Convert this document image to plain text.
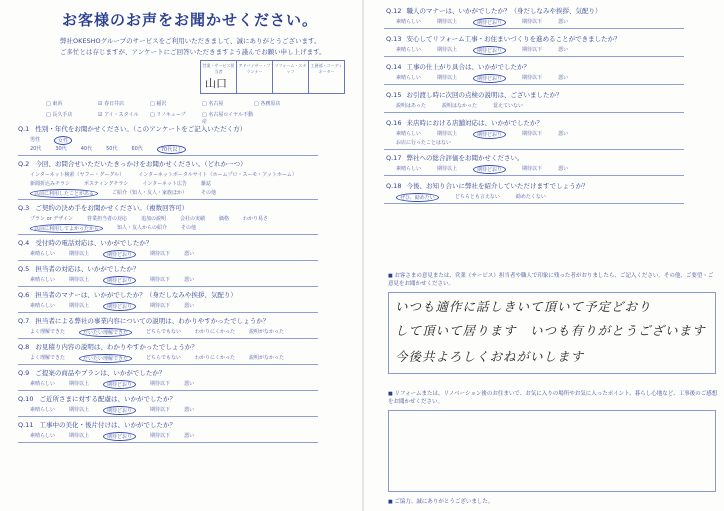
お客様のお声をお聞かせください。
弊社OKESHOグループのサービスをご利用いただきまして、誠にありがとうございます。
ご多忙とは存じますが、アンケートにご回答いただきますよう謹んでお願い申し上げます。
営業・サービス担当者
アドバイザー・プランナー
リフォーム・スタッフ
工務部・コーディネーター
山口
□ 東浜	☑ 春日井店	□ 稲沢	□ 名古屋	□ 各務原店
□ 長久手店	☑ アイ・スタイル	□ リノキューブ	□ 名古屋ロイヤル不動産
Q.1 性別・年代をお聞かせください。（このアンケートをご記入いただく方）
男性	女性
20代	30代	40代	50代	60代	70代以上
Q.2 今回、お問合せいただいたきっかけをお聞かせください。（どれか一つ）
インターネット検索（ヤフー・グーグル）	インターネットポータルサイト（ホームプロ・スーモ・アットホーム）
新聞折込みチラシ	ポスティングチラシ	インターネット広告	雑誌
以前に利用したことがある	ご紹介（知人・友人・家族ほか）	その他
Q.3 ご契約の決め手をお聞かせください。（複数回答可）
プラン or デザイン	営業担当者の対応	追加の説明	会社の実績	価格	わかり易さ
以前に利用してよかったから	知人・友人からの紹介	その他
Q.4 受付時の電話対応は、いかがでしたか？
素晴らしい	期待以上	期待どおり	期待以下	悪い
Q.5 担当者の対応は、いかがでしたか？
素晴らしい	期待以上	期待どおり	期待以下	悪い
Q.6 担当者のマナーは、いかがでしたか？（身だしなみや挨拶、気配り）
素晴らしい	期待以上	期待どおり	期待以下	悪い
Q.7 担当者による弊社の事業内容についての説明は、わかりやすかったでしょうか？
よく理解できた	だいたい理解できた	どちらでもない	わかりにくかった	説明がなかった
Q.8 お見積り内容の説明は、わかりやすかったでしょうか？
よく理解できた	だいたい理解できた	どちらでもない	わかりにくかった	説明がなかった
Q.9 ご提案の商品やプランは、いかがでしたか？
素晴らしい	期待以上	期待どおり	期待以下	悪い
Q.10 ご近所さまに対する配慮は、いかがでしたか？
素晴らしい	期待以上	期待どおり	期待以下	悪い
Q.11 工事中の美化・後片付けは、いかがでしたか？
素晴らしい	期待以上	期待どおり	期待以下	悪い
Q.12 職人のマナーは、いかがでしたか？（身だしなみや挨拶、気配り）
素晴らしい	期待以上	期待どおり	期待以下	悪い
Q.13 安心してリフォーム工事・お住まいづくりを進めることができましたか？
素晴らしい	期待以上	期待どおり	期待以下	悪い
Q.14 工事の仕上がり具合は、いかがでしたか？
素晴らしい	期待以上	期待どおり	期待以下	悪い
Q.15 お引渡し時に次回の点検の説明は、ございましたか？
説明はあった	説明はなかった	覚えていない
Q.16 来店時における店舗対応は、いかがでしたか？
素晴らしい	期待以上	期待どおり	期待以下	悪い
お店に行ったことはない
Q.17 弊社への総合評価をお聞かせください。
素晴らしい	期待以上	期待どおり	期待以下	悪い
Q.18 今後、お知り合いに弊社を紹介していただけますでしょうか？
ぜひ、勧めたい	どちらとも言えない	勧めたくない
■ お客さまの意見または、営業（サービス）担当者や職人で印象に残った者がおりましたら、ご記入ください。その他、ご要望・ご意見をお聞かせください。
いつも適作に話しきいて頂いて予定どおり
して頂いて居ります　いつも有りがとうございます
今後共よろしくおねがいします
■ リフォームまたは、リノベーション後のお住まいで、お気に入りの場所やお気に入ったポイント、暮らし心地など、工事後のご感想をお聞かせください。
■ ご協力、誠にありがとうございました。
